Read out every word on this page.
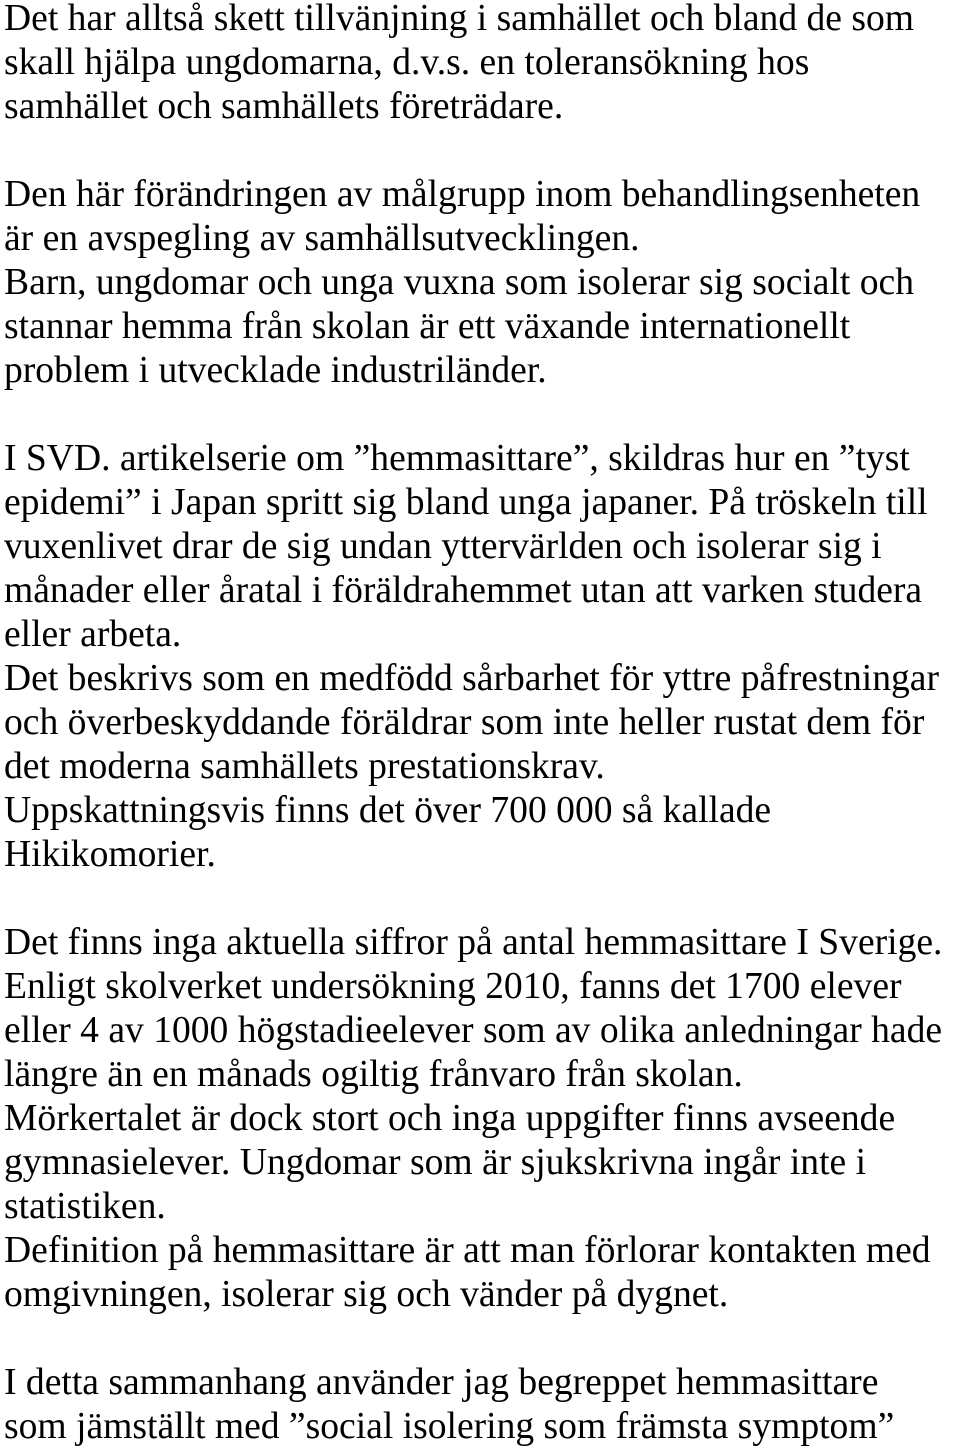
Det har alltså skett tillvänjning i samhället och bland de som
skall hjälpa ungdomarna, d.v.s. en toleransökning hos
samhället och samhällets företrädare.
Den här förändringen av målgrupp inom behandlingsenheten
är en avspegling av samhällsutvecklingen.
Barn, ungdomar och unga vuxna som isolerar sig socialt och
stannar hemma från skolan är ett växande internationellt
problem i utvecklade industriländer.
I SVD. artikelserie om ”hemmasittare”, skildras hur en ”tyst
epidemi” i Japan spritt sig bland unga japaner. På tröskeln till
vuxenlivet drar de sig undan yttervärlden och isolerar sig i
månader eller åratal i föräldrahemmet utan att varken studera
eller arbeta.
Det beskrivs som en medfödd sårbarhet för yttre påfrestningar
och överbeskyddande föräldrar som inte heller rustat dem för
det moderna samhällets prestationskrav.
Uppskattningsvis finns det över 700 000 så kallade
Hikikomorier.
Det finns inga aktuella siffror på antal hemmasittare I Sverige.
Enligt skolverket undersökning 2010, fanns det 1700 elever
eller 4 av 1000 högstadieelever som av olika anledningar hade
längre än en månads ogiltig frånvaro från skolan.
Mörkertalet är dock stort och inga uppgifter finns avseende
gymnasielever. Ungdomar som är sjukskrivna ingår inte i
statistiken.
Definition på hemmasittare är att man förlorar kontakten med
omgivningen, isolerar sig och vänder på dygnet.
I detta sammanhang använder jag begreppet hemmasittare
som jämställt med ”social isolering som främsta symptom”
